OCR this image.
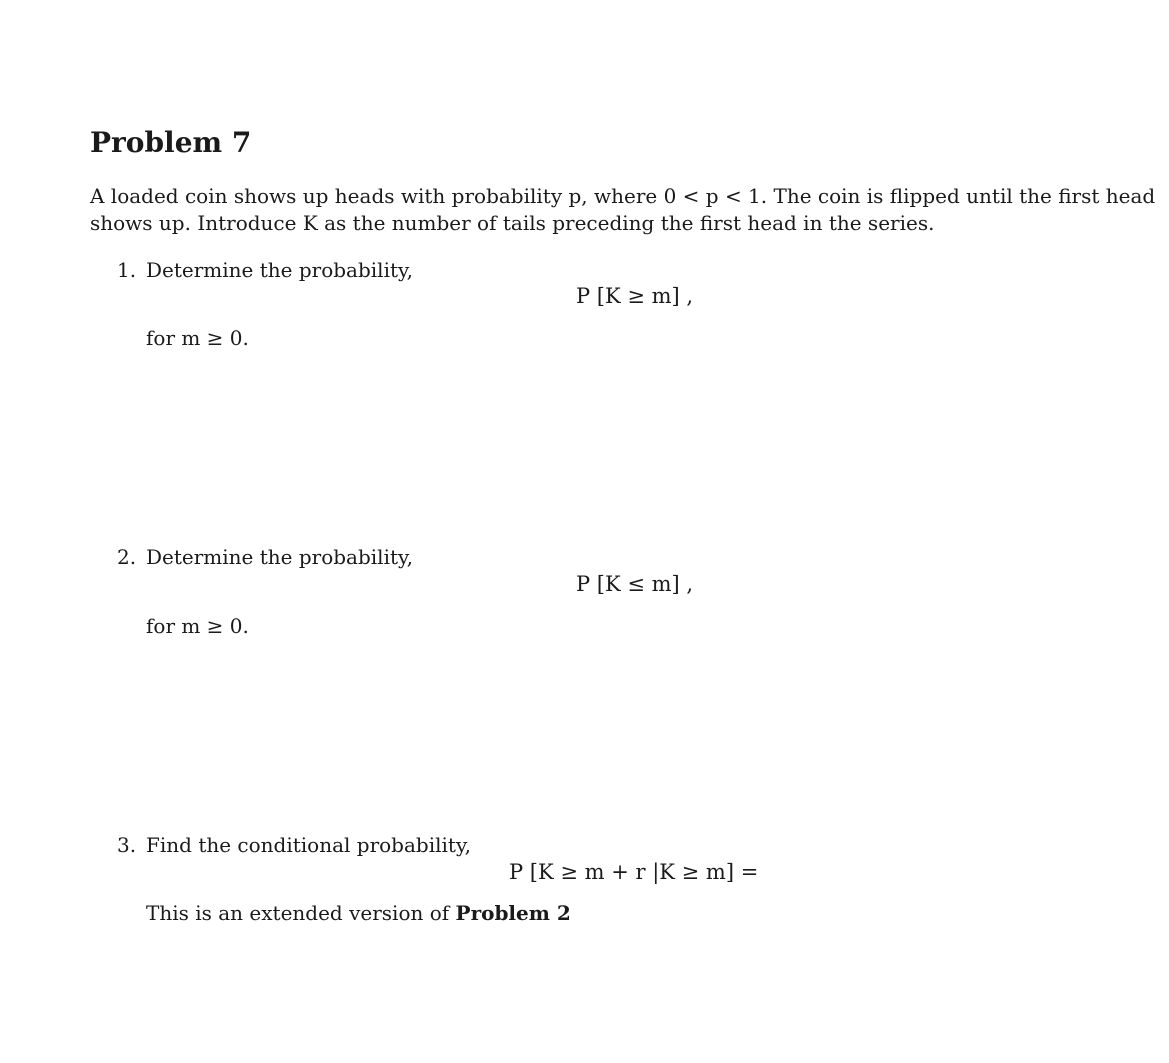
Problem 7
A loaded coin shows up heads with probability p, where 0 < p < 1. The coin is flipped until the first head
shows up. Introduce K as the number of tails preceding the first head in the series.
1. Determine the probability,
P [K ≥ m] ,
for m ≥ 0.
2. Determine the probability,
P [K ≤ m] ,
for m ≥ 0.
3. Find the conditional probability,
P [K ≥ m + r |K ≥ m] =
This is an extended version of Problem 2
